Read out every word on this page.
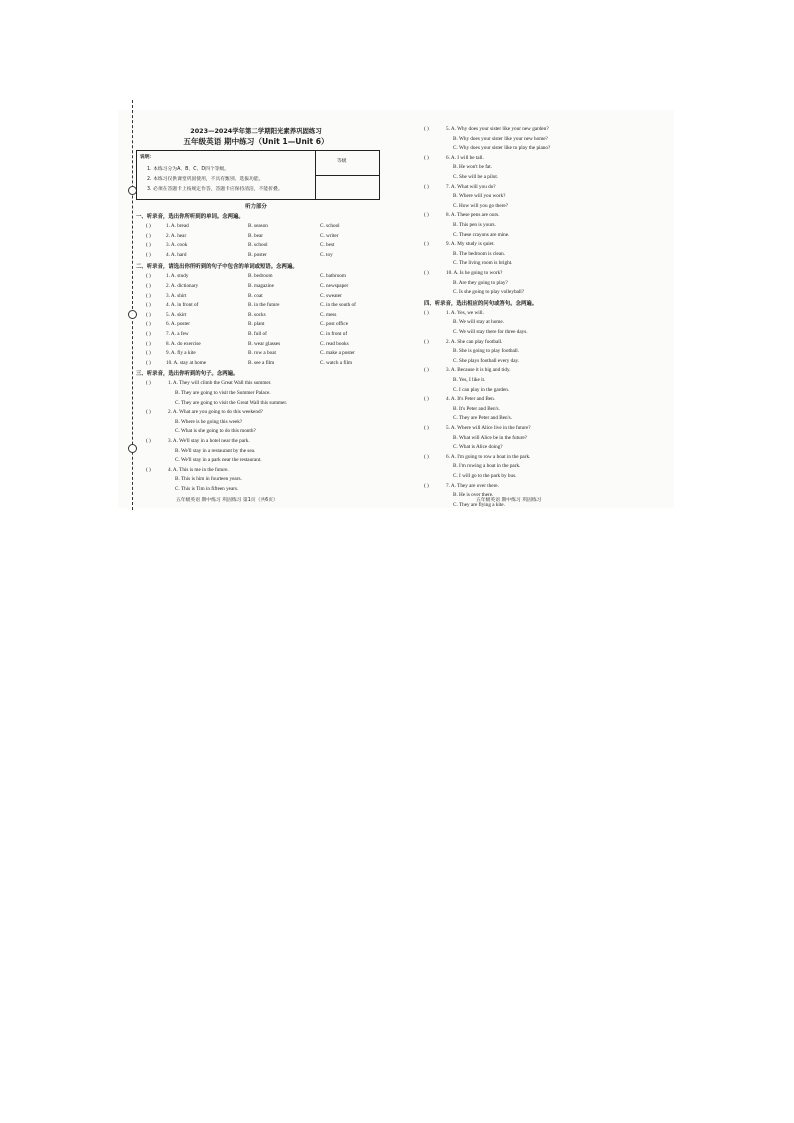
2023—2024学年第二学期阳光素养巩固练习
五年级英语 期中练习（Unit 1—Unit 6）
说明：
1. 本练习分为A、B、C、D四个等级。
2. 本练习仅供课堂巩固使用，不具有甄别、选拔功能。
3. 必须在答题卡上按规定作答，答题卡应保持清洁，不能折叠。
等级
听力部分
一、听录音，选出你所听到的单词。念两遍。
( )	1. A. bread	B. season	C. school
( )	2. A. hear	B. bear	C. writer
( )	3. A. cook	B. school	C. best
( )	4. A. hard	B. poster	C. toy
二、听录音，请选出你所听到的句子中包含的单词或短语。念两遍。
( )	1. A. study	B. bedroom	C. bathroom
( )	2. A. dictionary	B. magazine	C. newspaper
( )	3. A. shirt	B. coat	C. sweater
( )	4. A. in front of	B. in the future	C. in the south of
( )	5. A. skirt	B. socks	C. mess
( )	6. A. poster	B. plant	C. post office
( )	7. A. a few	B. full of	C. in front of
( )	8. A. do exercise	B. wear glasses	C. read books
( )	9. A. fly a kite	B. row a boat	C. make a poster
( )	10. A. stay at home	B. see a film	C. watch a film
三、听录音，选出你听到的句子。念两遍。
( )	1. A. They will climb the Great Wall this summer.
B. They are going to visit the Summer Palace.
C. They are going to visit the Great Wall this summer.
( )	2. A. What are you going to do this weekend?
B. Where is he going this week?
C. What is she going to do this month?
( )	3. A. We'll stay in a hotel near the park.
B. We'll stay in a restaurant by the sea.
C. We'll stay in a park near the restaurant.
( )	4. A. This is me in the future.
B. This is him in fourteen years.
C. This is Tim in fifteen years.
五年级英语 期中练习 巩固练习 第1页（共6页）
( )	5. A. Why does your sister like your new garden?
B. Why does your sister like your new home?
C. Why does your sister like to play the piano?
( )	6. A. I will be tall.
B. He won't be fat.
C. She will be a pilot.
( )	7. A. What will you do?
B. Where will you work?
C. How will you go there?
( )	8. A. These pens are ours.
B. This pen is yours.
C. These crayons are mine.
( )	9. A. My study is quiet.
B. The bedroom is clean.
C. The living room is bright.
( )	10. A. Is he going to work?
B. Are they going to play?
C. Is she going to play volleyball?
四、听录音，选出相应的问句或答句。念两遍。
( )	1. A. Yes, we will.
B. We will stay at home.
C. We will stay there for three days.
( )	2. A. She can play football.
B. She is going to play football.
C. She plays football every day.
( )	3. A. Because it is big and tidy.
B. Yes, I like it.
C. I can play in the garden.
( )	4. A. It's Peter and Ben.
B. It's Peter and Ben's.
C. They are Peter and Ben's.
( )	5. A. Where will Alice live in the future?
B. What will Alice be in the future?
C. What is Alice doing?
( )	6. A. I'm going to row a boat in the park.
B. I'm rowing a boat in the park.
C. I will go to the park by bus.
( )	7. A. They are over there.
B. He is over there.
C. They are flying a kite.
五年级英语 期中练习 巩固练习
